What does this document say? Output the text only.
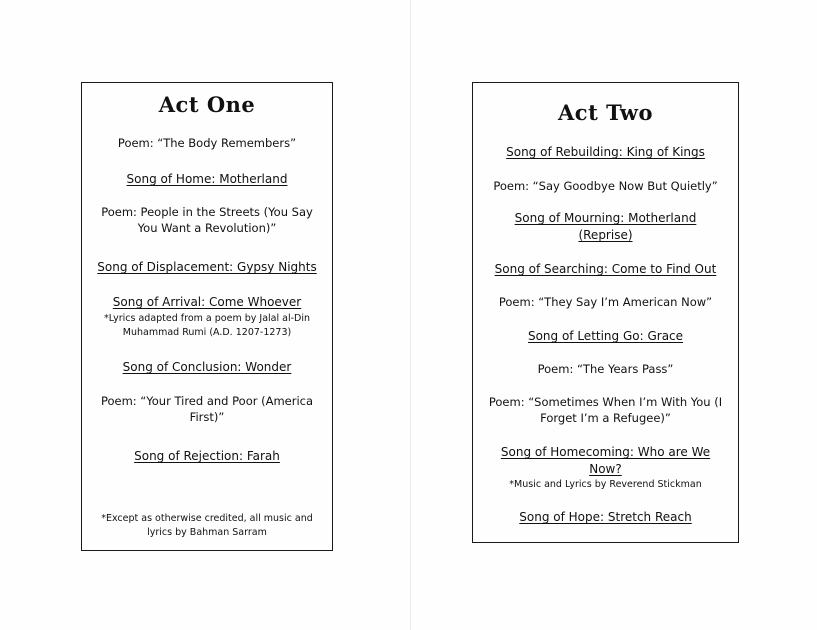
Act One

Poem: “The Body Remembers”

Song of Home: Motherland

Poem: People in the Streets (You Say You Want a Revolution)”

Song of Displacement: Gypsy Nights

Song of Arrival: Come Whoever

*Lyrics adapted from a poem by Jalal al-Din Muhammad Rumi (A.D. 1207-1273)

Song of Conclusion: Wonder

Poem: “Your Tired and Poor (America First)”

Song of Rejection: Farah

*Except as otherwise credited, all music and lyrics by Bahman Sarram

Act Two

Song of Rebuilding: King of Kings

Poem: “Say Goodbye Now But Quietly”

Song of Mourning: Motherland (Reprise)

Song of Searching: Come to Find Out

Poem: “They Say I’m American Now”

Song of Letting Go: Grace

Poem: “The Years Pass”

Poem: “Sometimes When I’m With You (I Forget I’m a Refugee)”

Song of Homecoming: Who are We Now?

*Music and Lyrics by Reverend Stickman

Song of Hope: Stretch Reach
